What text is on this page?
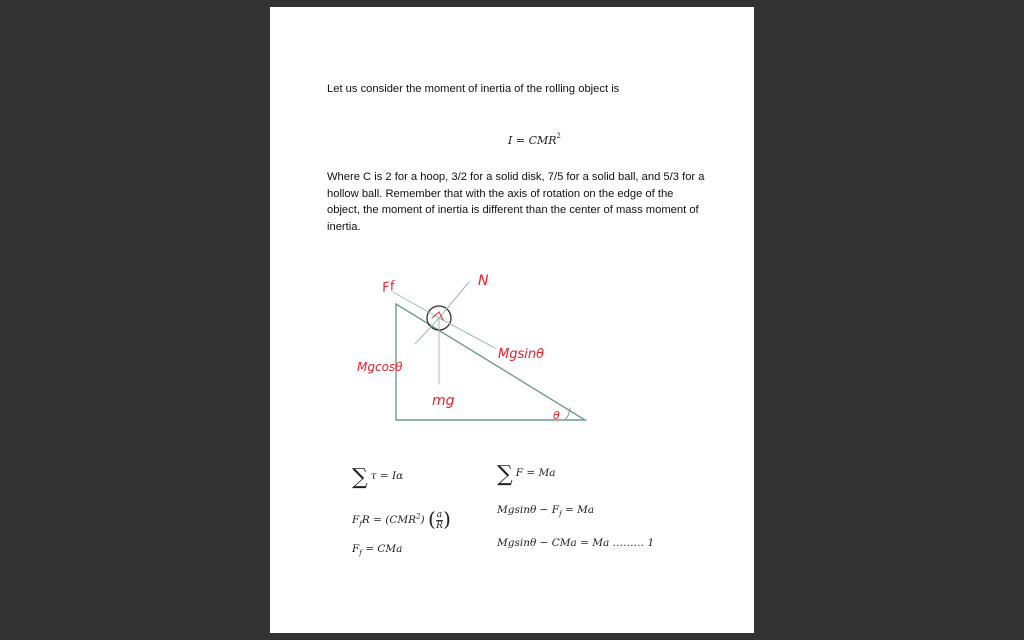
Let us consider the moment of inertia of the rolling object is

$I = CMR^2$

Where C is 2 for a hoop, 3/2 for a solid disk, 7/5 for a solid ball, and 5/3 for a hollow ball. Remember that with the axis of rotation on the edge of the object, the moment of inertia is different than the center of mass moment of inertia.

Ff	N
Mgsinθ
Mgcosθ
mg
θ
∑ τ = Iα	∑ F = Ma
$F_fR = (CMR^2)$ ( $\frac{a}{R}$)
$F_f$ = CMa
$Mgsin\theta - F_f = Ma$
Mgsinθ − CMa = Ma ……… 1
